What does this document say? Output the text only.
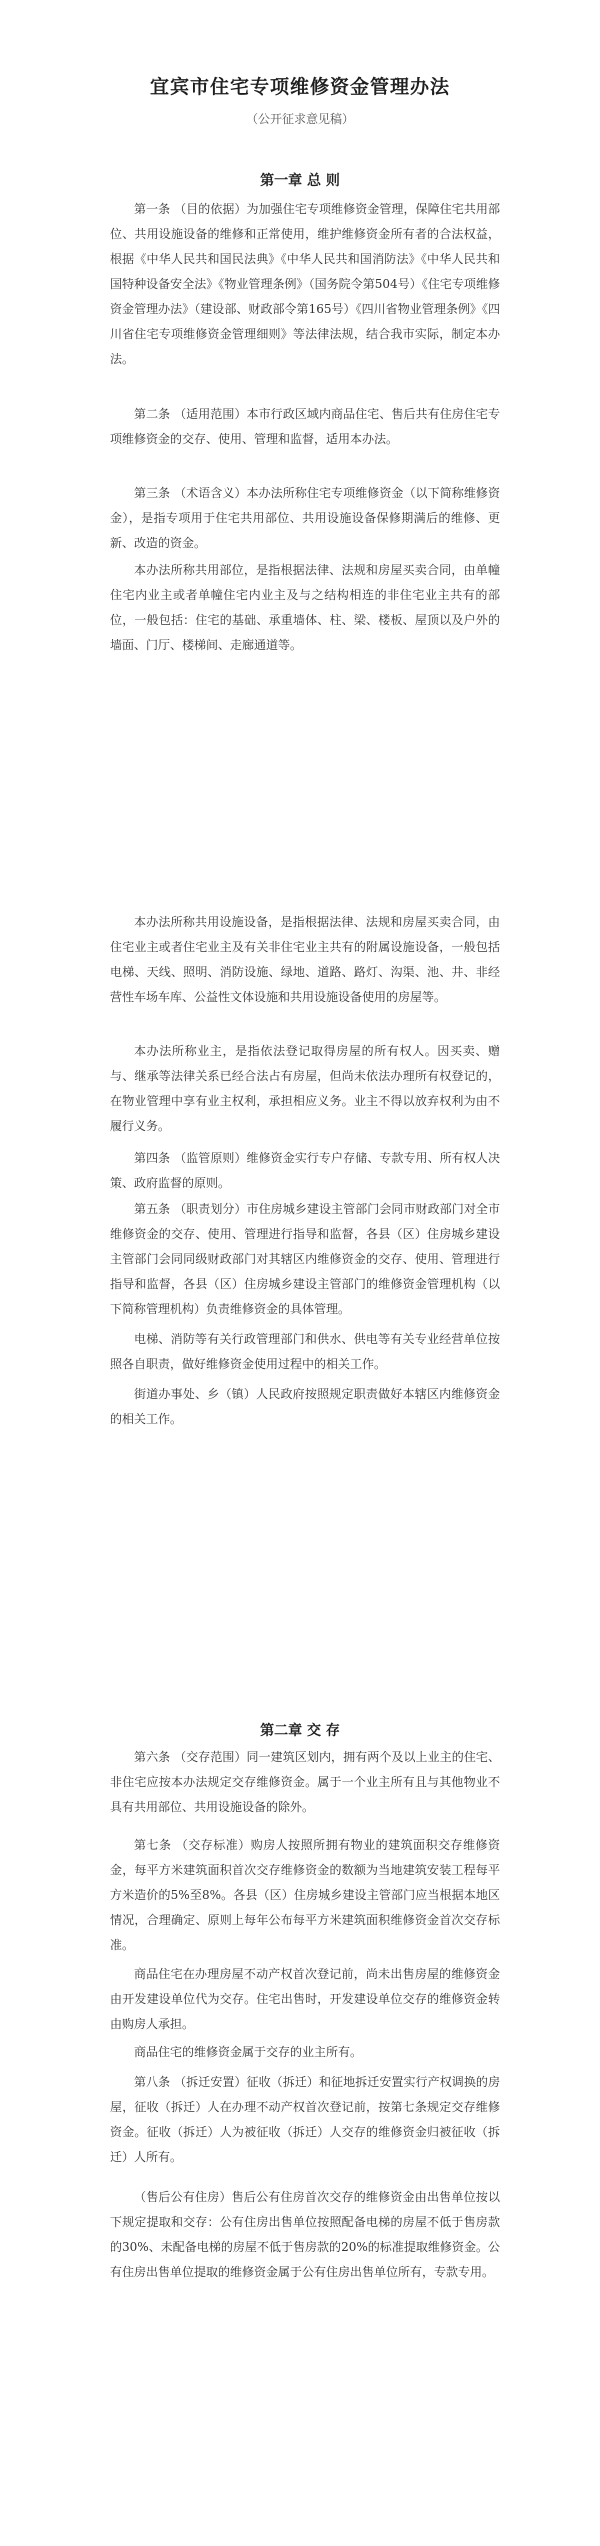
宜宾市住宅专项维修资金管理办法
（公开征求意见稿）
第一章 总 则

第一条 （目的依据）为加强住宅专项维修资金管理，保障住宅共用部位、共用设施设备的维修和正常使用，维护维修资金所有者的合法权益，根据《中华人民共和国民法典》《中华人民共和国消防法》《中华人民共和国特种设备安全法》《物业管理条例》（国务院令第504号）《住宅专项维修资金管理办法》（建设部、财政部令第165号）《四川省物业管理条例》《四川省住宅专项维修资金管理细则》等法律法规，结合我市实际，制定本办法。

第二条 （适用范围）本市行政区域内商品住宅、售后共有住房住宅专项维修资金的交存、使用、管理和监督，适用本办法。

第三条 （术语含义）本办法所称住宅专项维修资金（以下简称维修资金），是指专项用于住宅共用部位、共用设施设备保修期满后的维修、更新、改造的资金。

本办法所称共用部位，是指根据法律、法规和房屋买卖合同，由单幢住宅内业主或者单幢住宅内业主及与之结构相连的非住宅业主共有的部位，一般包括：住宅的基础、承重墙体、柱、梁、楼板、屋顶以及户外的墙面、门厅、楼梯间、走廊通道等。

本办法所称共用设施设备，是指根据法律、法规和房屋买卖合同，由住宅业主或者住宅业主及有关非住宅业主共有的附属设施设备，一般包括电梯、天线、照明、消防设施、绿地、道路、路灯、沟渠、池、井、非经营性车场车库、公益性文体设施和共用设施设备使用的房屋等。

本办法所称业主，是指依法登记取得房屋的所有权人。因买卖、赠与、继承等法律关系已经合法占有房屋，但尚未依法办理所有权登记的，在物业管理中享有业主权利，承担相应义务。业主不得以放弃权利为由不履行义务。

第四条 （监管原则）维修资金实行专户存储、专款专用、所有权人决策、政府监督的原则。

第五条 （职责划分）市住房城乡建设主管部门会同市财政部门对全市维修资金的交存、使用、管理进行指导和监督，各县（区）住房城乡建设主管部门会同同级财政部门对其辖区内维修资金的交存、使用、管理进行指导和监督，各县（区）住房城乡建设主管部门的维修资金管理机构（以下简称管理机构）负责维修资金的具体管理。

电梯、消防等有关行政管理部门和供水、供电等有关专业经营单位按照各自职责，做好维修资金使用过程中的相关工作。

街道办事处、乡（镇）人民政府按照规定职责做好本辖区内维修资金的相关工作。

第二章 交 存

第六条 （交存范围）同一建筑区划内，拥有两个及以上业主的住宅、非住宅应按本办法规定交存维修资金。属于一个业主所有且与其他物业不具有共用部位、共用设施设备的除外。

第七条 （交存标准）购房人按照所拥有物业的建筑面积交存维修资金，每平方米建筑面积首次交存维修资金的数额为当地建筑安装工程每平方米造价的5%至8%。各县（区）住房城乡建设主管部门应当根据本地区情况，合理确定、原则上每年公布每平方米建筑面积维修资金首次交存标准。

商品住宅在办理房屋不动产权首次登记前，尚未出售房屋的维修资金由开发建设单位代为交存。住宅出售时，开发建设单位交存的维修资金转由购房人承担。

商品住宅的维修资金属于交存的业主所有。

第八条 （拆迁安置）征收（拆迁）和征地拆迁安置实行产权调换的房屋，征收（拆迁）人在办理不动产权首次登记前，按第七条规定交存维修资金。征收（拆迁）人为被征收（拆迁）人交存的维修资金归被征收（拆迁）人所有。

（售后公有住房）售后公有住房首次交存的维修资金由出售单位按以下规定提取和交存：公有住房出售单位按照配备电梯的房屋不低于售房款的30%、未配备电梯的房屋不低于售房款的20%的标准提取维修资金。公有住房出售单位提取的维修资金属于公有住房出售单位所有，专款专用。
